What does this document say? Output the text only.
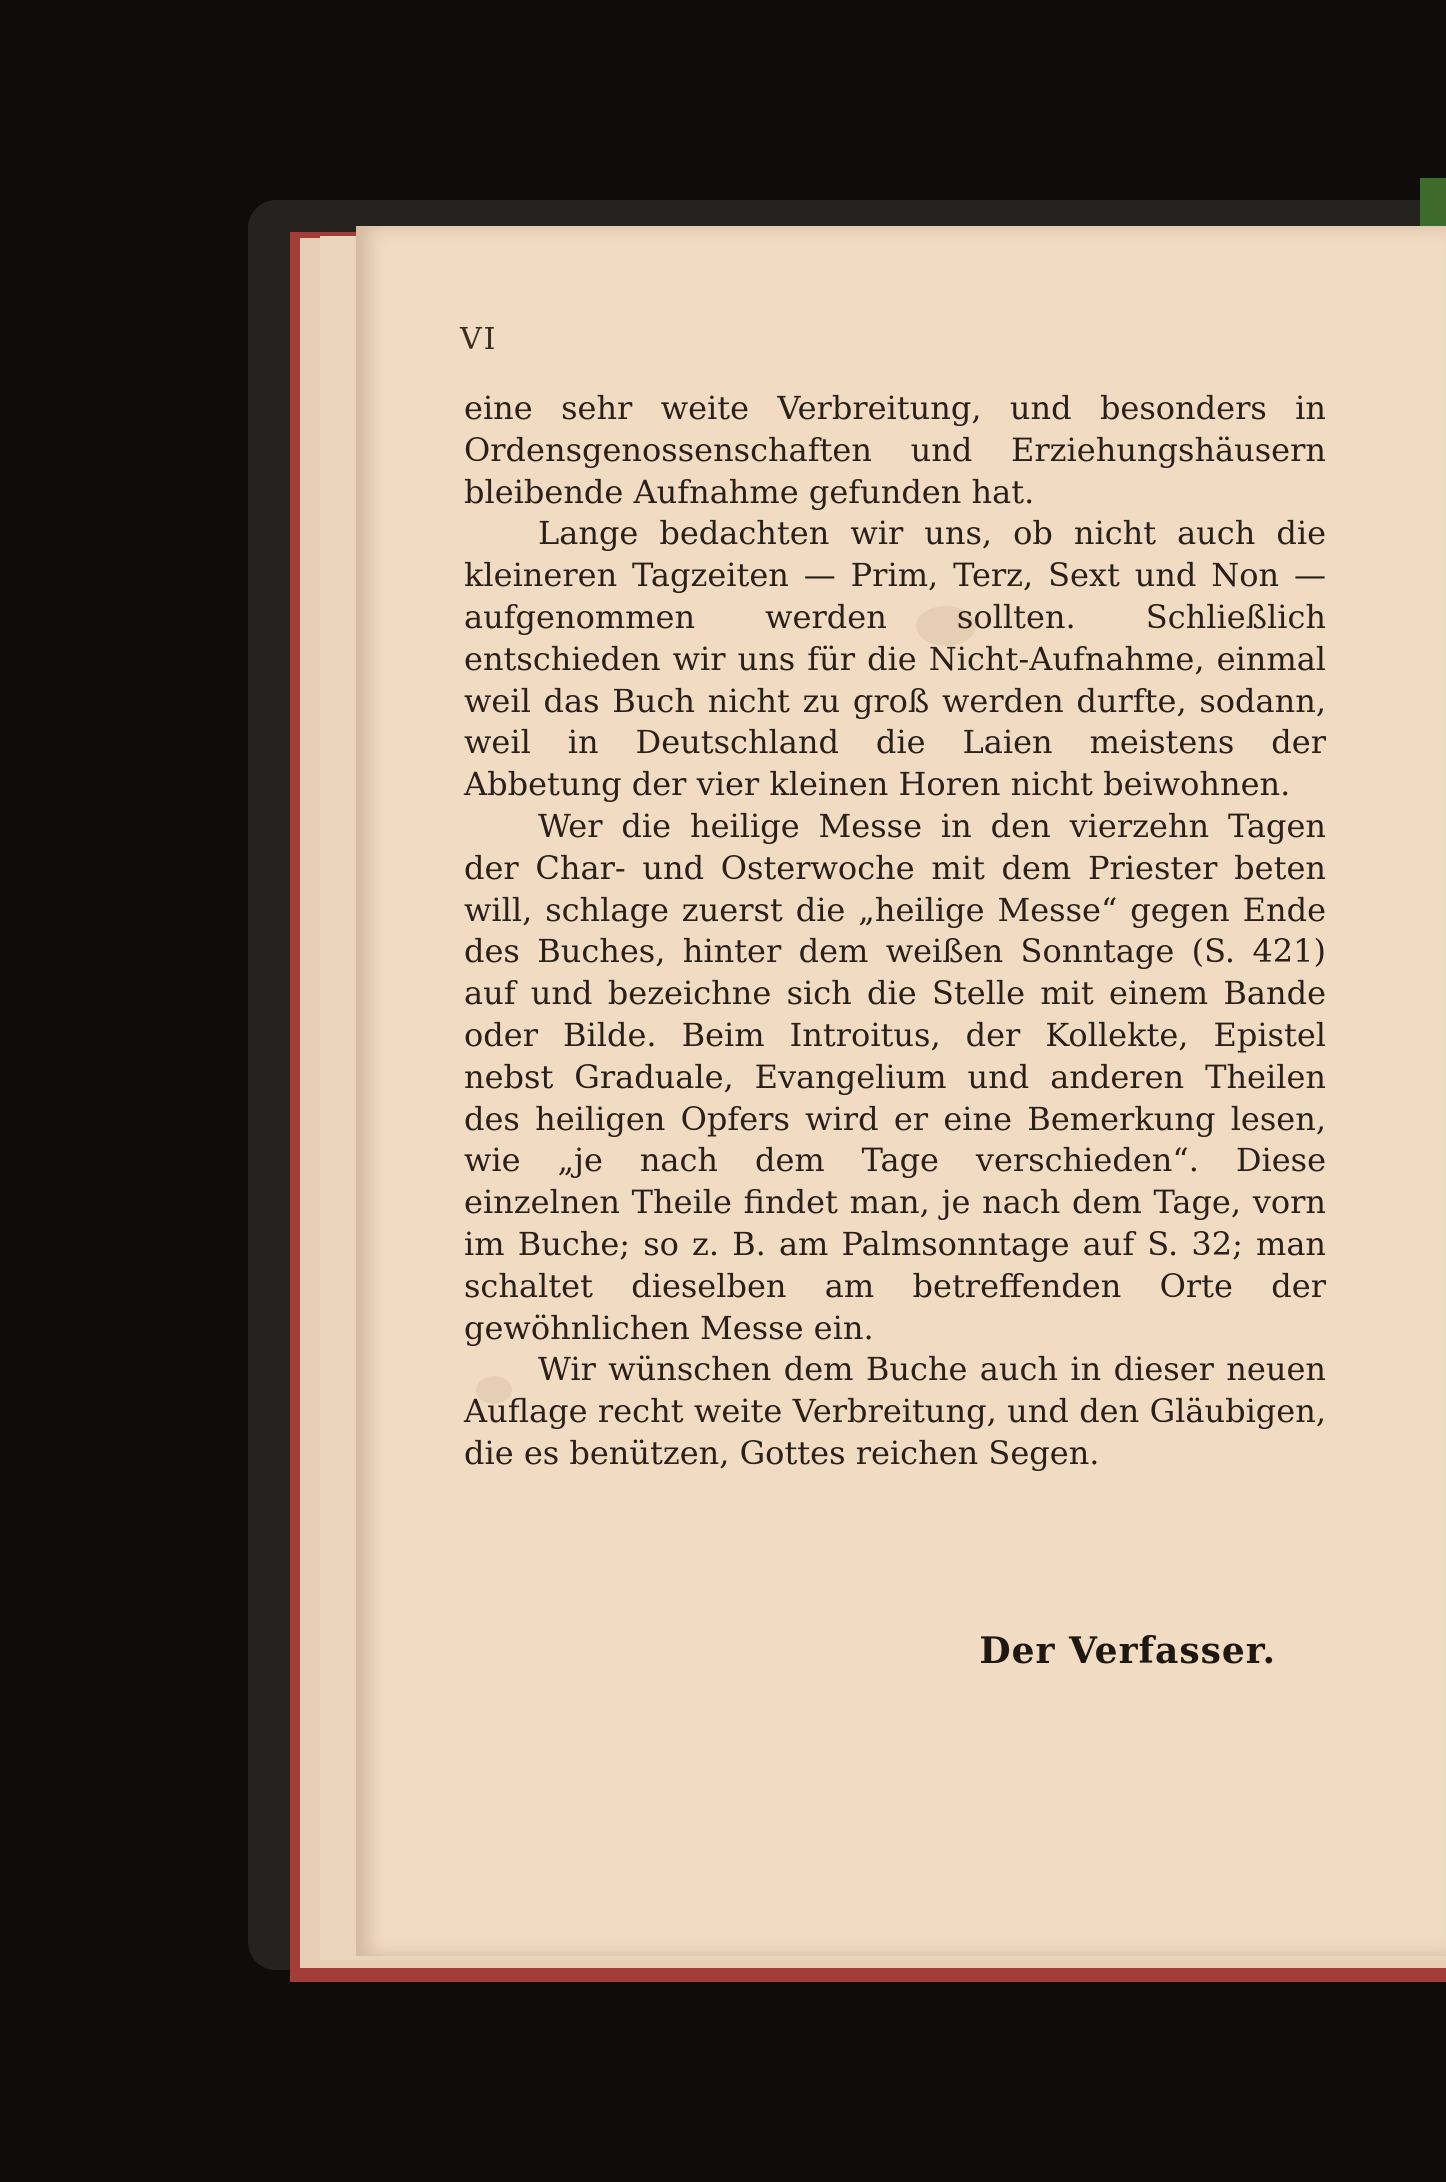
VI

eine sehr weite Verbreitung, und besonders in Ordensgenossenschaften und Erziehungshäusern bleibende Aufnahme gefunden hat.

Lange bedachten wir uns, ob nicht auch die kleineren Tagzeiten — Prim, Terz, Sext und Non — aufgenommen werden sollten. Schließlich entschieden wir uns für die Nicht-Aufnahme, einmal weil das Buch nicht zu groß werden durfte, sodann, weil in Deutschland die Laien meistens der Abbetung der vier kleinen Horen nicht beiwohnen.

Wer die heilige Messe in den vierzehn Tagen der Char- und Osterwoche mit dem Priester beten will, schlage zuerst die „heilige Messe“ gegen Ende des Buches, hinter dem weißen Sonntage (S. 421) auf und bezeichne sich die Stelle mit einem Bande oder Bilde. Beim Introitus, der Kollekte, Epistel nebst Graduale, Evangelium und anderen Theilen des heiligen Opfers wird er eine Bemerkung lesen, wie „je nach dem Tage verschieden“. Diese einzelnen Theile findet man, je nach dem Tage, vorn im Buche; so z. B. am Palmsonntage auf S. 32; man schaltet dieselben am betreffenden Orte der gewöhnlichen Messe ein.

Wir wünschen dem Buche auch in dieser neuen Auflage recht weite Verbreitung, und den Gläubigen, die es benützen, Gottes reichen Segen.

Der Verfasser.
